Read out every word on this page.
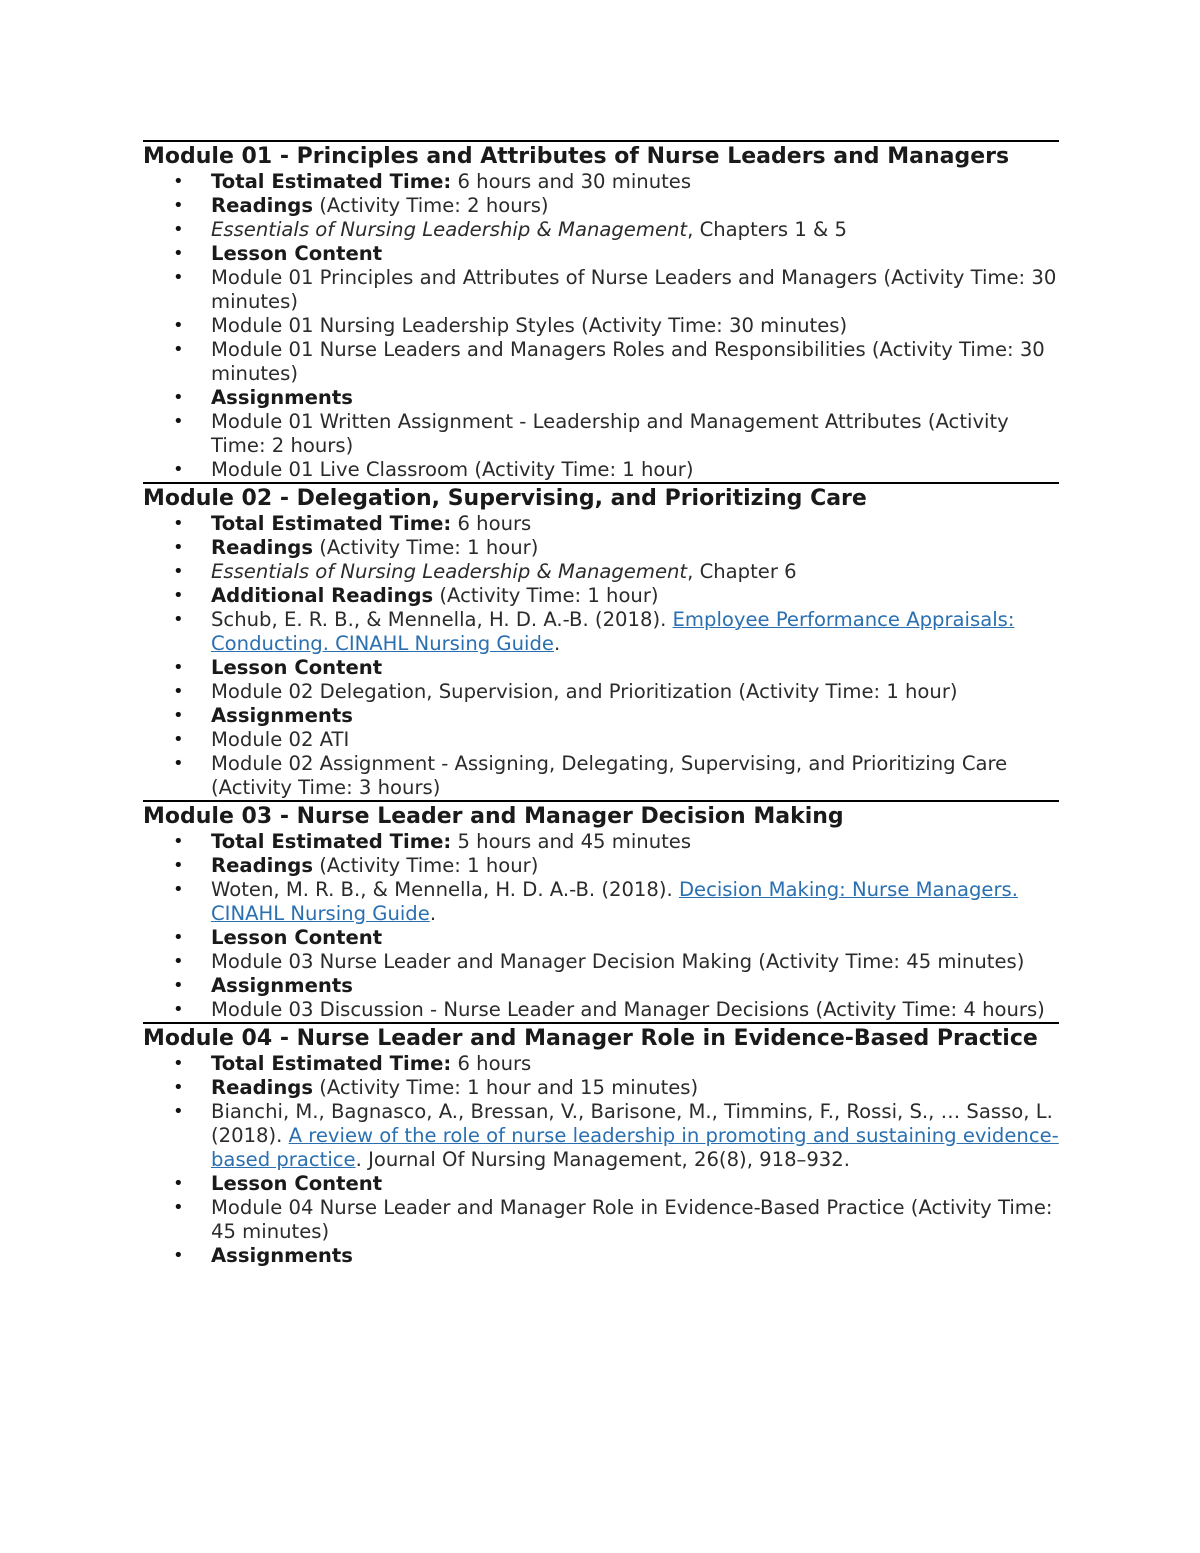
Module 01 - Principles and Attributes of Nurse Leaders and Managers
• Total Estimated Time: 6 hours and 30 minutes
• Readings (Activity Time: 2 hours)
• Essentials of Nursing Leadership & Management, Chapters 1 & 5
• Lesson Content
• Module 01 Principles and Attributes of Nurse Leaders and Managers (Activity Time: 30 minutes)
• Module 01 Nursing Leadership Styles (Activity Time: 30 minutes)
• Module 01 Nurse Leaders and Managers Roles and Responsibilities (Activity Time: 30 minutes)
• Assignments
• Module 01 Written Assignment - Leadership and Management Attributes (Activity Time: 2 hours)
• Module 01 Live Classroom (Activity Time: 1 hour)
Module 02 - Delegation, Supervising, and Prioritizing Care
• Total Estimated Time: 6 hours
• Readings (Activity Time: 1 hour)
• Essentials of Nursing Leadership & Management, Chapter 6
• Additional Readings (Activity Time: 1 hour)
• Schub, E. R. B., & Mennella, H. D. A.-B. (2018). Employee Performance Appraisals: Conducting. CINAHL Nursing Guide.
• Lesson Content
• Module 02 Delegation, Supervision, and Prioritization (Activity Time: 1 hour)
• Assignments
• Module 02 ATI
• Module 02 Assignment - Assigning, Delegating, Supervising, and Prioritizing Care (Activity Time: 3 hours)
Module 03 - Nurse Leader and Manager Decision Making
• Total Estimated Time: 5 hours and 45 minutes
• Readings (Activity Time: 1 hour)
• Woten, M. R. B., & Mennella, H. D. A.-B. (2018). Decision Making: Nurse Managers. CINAHL Nursing Guide.
• Lesson Content
• Module 03 Nurse Leader and Manager Decision Making (Activity Time: 45 minutes)
• Assignments
• Module 03 Discussion - Nurse Leader and Manager Decisions (Activity Time: 4 hours)
Module 04 - Nurse Leader and Manager Role in Evidence-Based Practice
• Total Estimated Time: 6 hours
• Readings (Activity Time: 1 hour and 15 minutes)
• Bianchi, M., Bagnasco, A., Bressan, V., Barisone, M., Timmins, F., Rossi, S., … Sasso, L. (2018). A review of the role of nurse leadership in promoting and sustaining evidence-based practice. Journal Of Nursing Management, 26(8), 918–932.
• Lesson Content
• Module 04 Nurse Leader and Manager Role in Evidence-Based Practice (Activity Time: 45 minutes)
• Assignments
